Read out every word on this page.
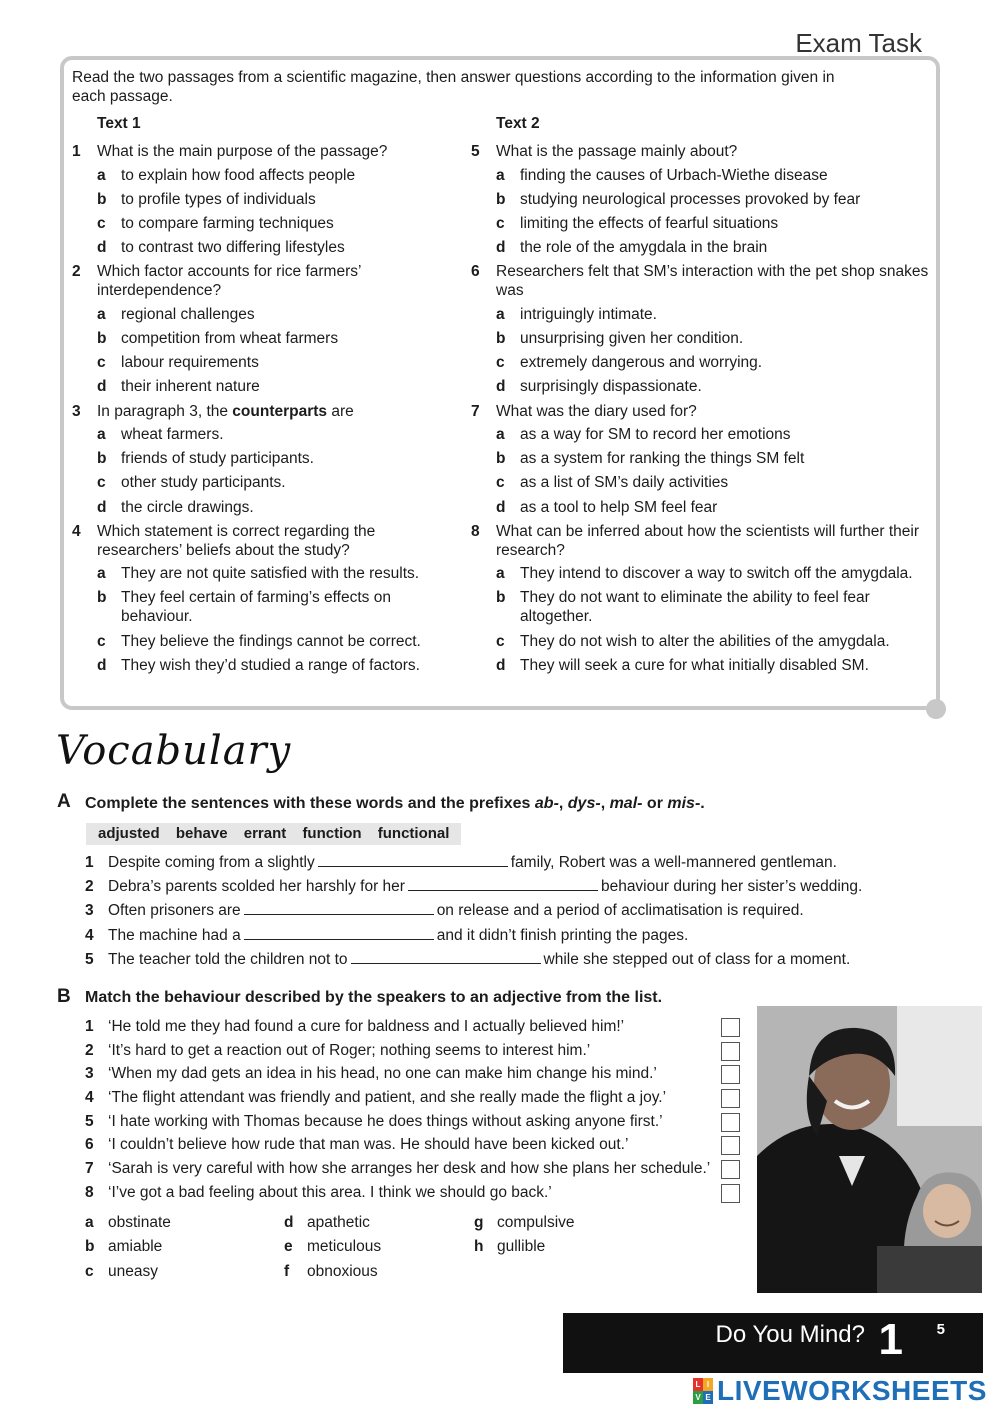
Exam Task
Read the two passages from a scientific magazine, then answer questions according to the information given in each passage.
Text 1
1 What is the main purpose of the passage?
a to explain how food affects people
b to profile types of individuals
c to compare farming techniques
d to contrast two differing lifestyles
2 Which factor accounts for rice farmers’ interdependence?
a regional challenges
b competition from wheat farmers
c labour requirements
d their inherent nature
3 In paragraph 3, the counterparts are
a wheat farmers.
b friends of study participants.
c other study participants.
d the circle drawings.
4 Which statement is correct regarding the researchers’ beliefs about the study?
a They are not quite satisfied with the results.
b They feel certain of farming’s effects on behaviour.
c They believe the findings cannot be correct.
d They wish they’d studied a range of factors.
Text 2
5 What is the passage mainly about?
a finding the causes of Urbach-Wiethe disease
b studying neurological processes provoked by fear
c limiting the effects of fearful situations
d the role of the amygdala in the brain
6 Researchers felt that SM’s interaction with the pet shop snakes was
a intriguingly intimate.
b unsurprising given her condition.
c extremely dangerous and worrying.
d surprisingly dispassionate.
7 What was the diary used for?
a as a way for SM to record her emotions
b as a system for ranking the things SM felt
c as a list of SM’s daily activities
d as a tool to help SM feel fear
8 What can be inferred about how the scientists will further their research?
a They intend to discover a way to switch off the amygdala.
b They do not want to eliminate the ability to feel fear altogether.
c They do not wish to alter the abilities of the amygdala.
d They will seek a cure for what initially disabled SM.
Vocabulary
A Complete the sentences with these words and the prefixes ab-, dys-, mal- or mis-.
adjusted behave errant function functional
1 Despite coming from a slightly	family, Robert was a well-mannered gentleman.
2 Debra’s parents scolded her harshly for her	behaviour during her sister’s wedding.
3 Often prisoners are	on release and a period of acclimatisation is required.
4 The machine had a	and it didn’t finish printing the pages.
5 The teacher told the children not to	while she stepped out of class for a moment.
B Match the behaviour described by the speakers to an adjective from the list.
1 ‘He told me they had found a cure for baldness and I actually believed him!’
2 ‘It’s hard to get a reaction out of Roger; nothing seems to interest him.’
3 ‘When my dad gets an idea in his head, no one can make him change his mind.’
4 ‘The flight attendant was friendly and patient, and she really made the flight a joy.’
5 ‘I hate working with Thomas because he does things without asking anyone first.’
6 ‘I couldn’t believe how rude that man was. He should have been kicked out.’
7 ‘Sarah is very careful with how she arranges her desk and how she plans her schedule.’
8 ‘I’ve got a bad feeling about this area. I think we should go back.’
a obstinate
b amiable
c uneasy
d apathetic
e meticulous
f obnoxious
g compulsive
h gullible
Do You Mind? 1 5
L I
V E LIVEWORKSHEETS
